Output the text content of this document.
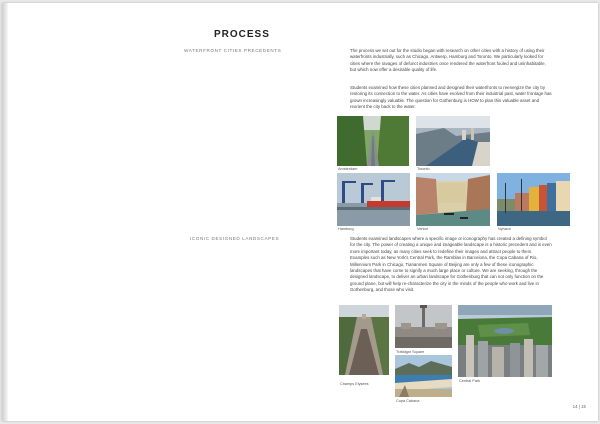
PROCESS
WATERFRONT CITIES PRECEDENTS	The process we set out for the studio began with research on other cities with a history of using their waterfronts industrially, such as Chicago, Antwerp, Hamburg and Toronto. We particularly looked for cities where the ravages of defunct industries once rendered the waterfront fouled and uninhabitable, but which now offer a desirable quality of life.

Students examined how these cities planned and designed their waterfronts to reenergize the city by restoring its connection to the water. As cities have evolved from their industrial past, water frontage has grown increasingly valuable. The question for Gothenburg is HOW to plan this valuable asset and reorient the city back to the water.

Amsterdam	Toronto
Hamburg	Venice	Nyhavn
ICONIC DESIGNED LANDSCAPES	Students examined landscapes where a specific image or iconography has created a defining symbol for the city. The power of creating a unique and imageable landscape is a historic precedent and is even more important today, as many cities seek to redefine their images and attract people to them. Examples such as New York's Central Park, the Ramblas in Barcelona, the Copa Cabana of Rio, Millennium Park in Chicago, Tiananmen Square of Beijing are only a few of these iconographic landscapes that have come to signify a much large place or culture. We are seeking, through the designed landscape, to deliver an urban landscape for Gothenburg that can not only function on the ground plane, but will help re-characterize the city in the minds of the people who work and live in Gothenburg, and those who visit.

Champs Elysees
Trafalgar Square
Copa Cabana
Central Park
14 | 15
